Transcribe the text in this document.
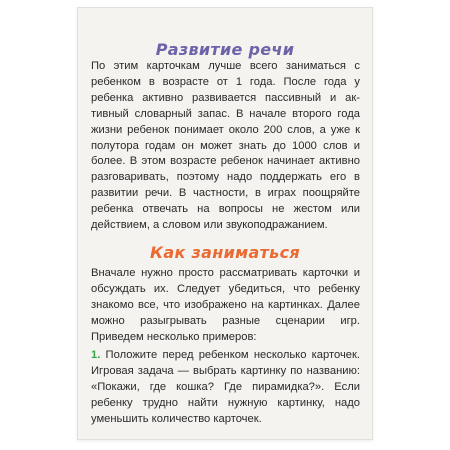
Развитие речи

По этим карточкам лучше всего заниматься с ребенком в возрасте от 1 года. После года у ребенка активно развивается пассивный и активный словарный запас. В начале второго года жизни ребенок понимает около 200 слов, а уже к полутора годам он может знать до 1000 слов и более. В этом возрасте ребенок начинает активно разговаривать, поэтому надо поддержать его в развитии речи. В частности, в играх поощряйте ребенка отвечать на вопросы не жестом или действием, а словом или звукоподражанием.

Как заниматься

Вначале нужно просто рассматривать карточки и обсуждать их. Следует убедиться, что ребенку знакомо все, что изображено на картинках. Далее можно разыгрывать разные сценарии игр. Приведем несколько примеров:

1. Положите перед ребенком несколько карточек. Игровая задача — выбрать картинку по названию: «Покажи, где кошка? Где пирамидка?». Если ребенку трудно найти нужную картинку, надо уменьшить количество карточек.
